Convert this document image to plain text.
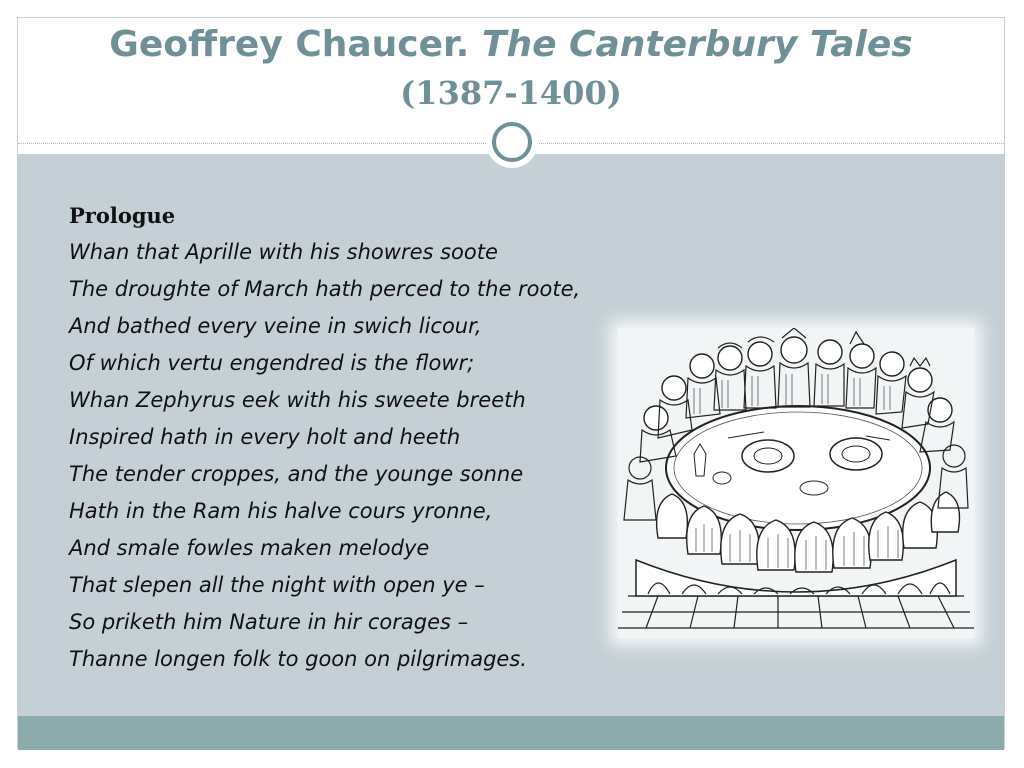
Geoffrey Chaucer. The Canterbury Tales
(1387-1400)
Prologue
Whan that Aprille with his showres soote
The droughte of March hath perced to the roote,
And bathed every veine in swich licour,
Of which vertu engendred is the flowr;
Whan Zephyrus eek with his sweete breeth
Inspired hath in every holt and heeth
The tender croppes, and the younge sonne
Hath in the Ram his halve cours yronne,
And smale fowles maken melodye
That slepen all the night with open ye –
So priketh him Nature in hir corages –
Thanne longen folk to goon on pilgrimages.
